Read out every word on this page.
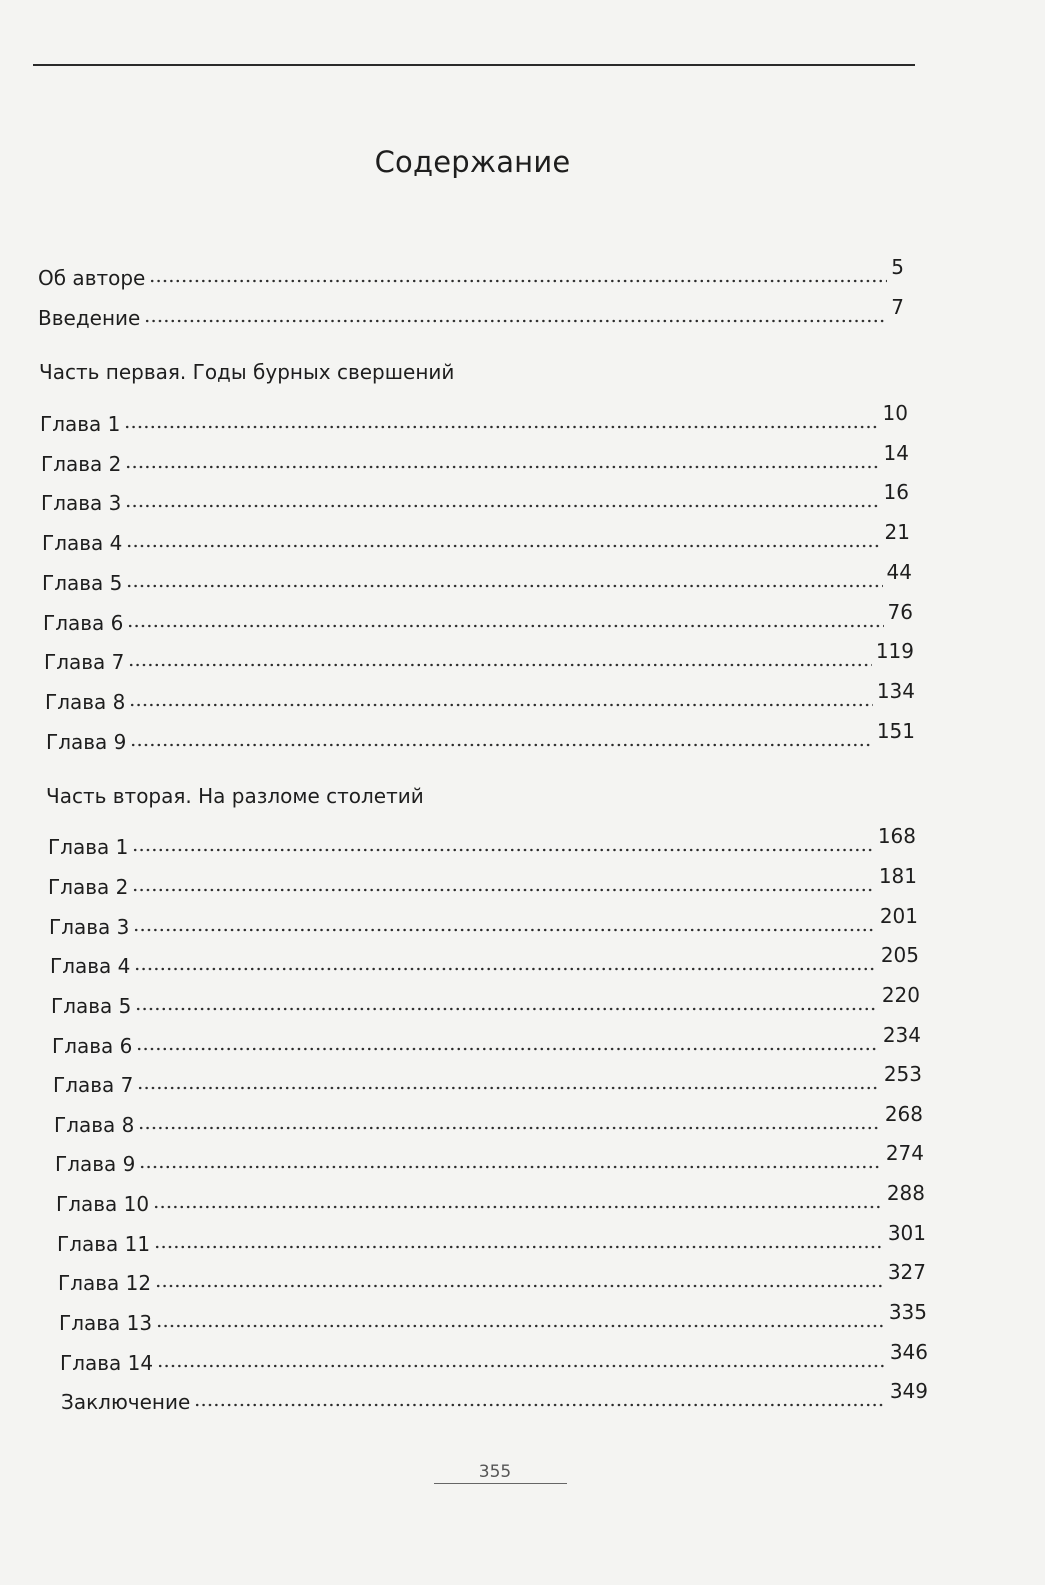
Содержание
Об авторе	5
Введение	7
Часть первая. Годы бурных свершений
Глава 1	10
Глава 2	14
Глава 3	16
Глава 4	21
Глава 5	44
Глава 6	76
Глава 7	119
Глава 8	134
Глава 9	151
Часть вторая. На разломе столетий
Глава 1	168
Глава 2	181
Глава 3	201
Глава 4	205
Глава 5	220
Глава 6	234
Глава 7	253
Глава 8	268
Глава 9	274
Глава 10	288
Глава 11	301
Глава 12	327
Глава 13	335
Глава 14	346
Заключение	349
355
